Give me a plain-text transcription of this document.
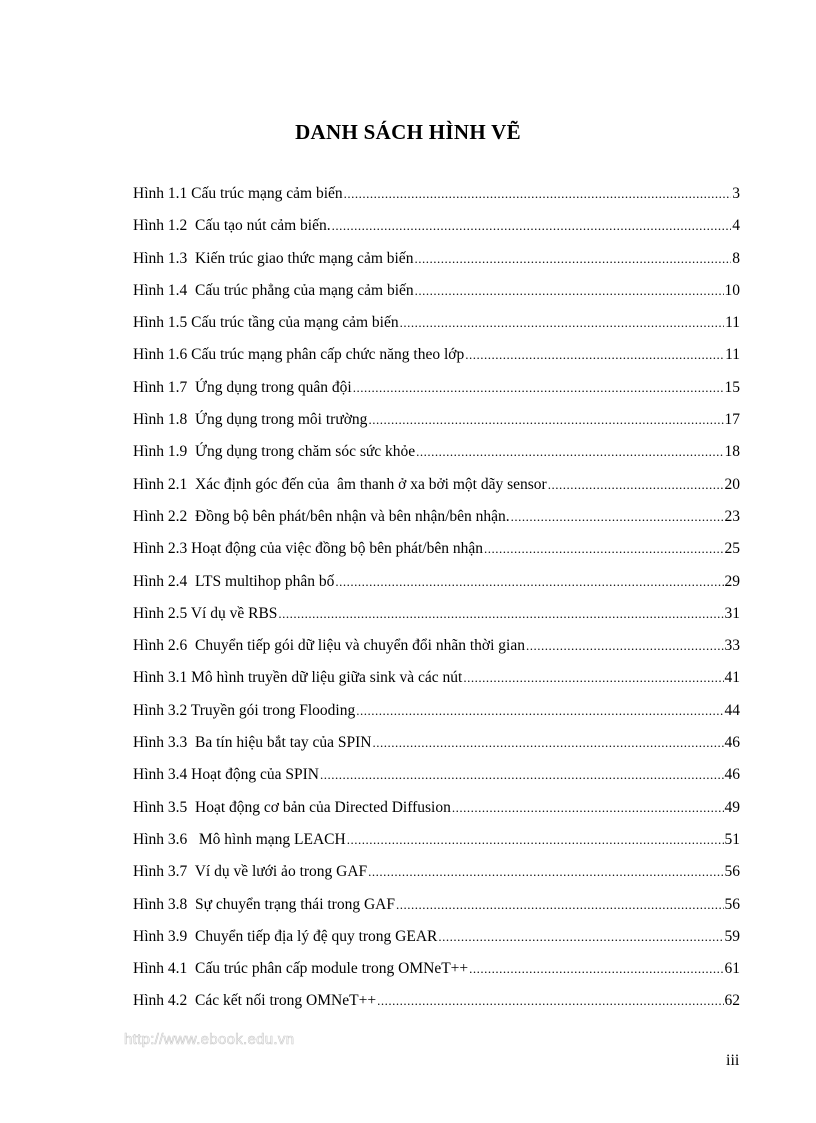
DANH SÁCH HÌNH VẼ
Hình 1.1 Cấu trúc mạng cảm biến .....	3
Hình 1.2  Cấu tạo nút cảm biến. .....	4
Hình 1.3  Kiến trúc giao thức mạng cảm biến .....	8
Hình 1.4  Cấu trúc phẳng của mạng cảm biến .....	10
Hình 1.5 Cấu trúc tầng của mạng cảm biến .....	11
Hình 1.6 Cấu trúc mạng phân cấp chức năng theo lớp .....	11
Hình 1.7  Ứng dụng trong quân đội .....	15
Hình 1.8  Ứng dụng trong môi trường .....	17
Hình 1.9  Ứng dụng trong chăm sóc sức khỏe .....	18
Hình 2.1  Xác định góc đến của  âm thanh ở xa bởi một dãy sensor .....	20
Hình 2.2  Đồng bộ bên phát/bên nhận và bên nhận/bên nhận. .....	23
Hình 2.3 Hoạt động của việc đồng bộ bên phát/bên nhận .....	25
Hình 2.4  LTS multihop phân bố .....	29
Hình 2.5 Ví dụ về RBS .....	31
Hình 2.6  Chuyển tiếp gói dữ liệu và chuyển đổi nhãn thời gian .....	33
Hình 3.1 Mô hình truyền dữ liệu giữa sink và các nút .....	41
Hình 3.2 Truyền gói trong Flooding .....	44
Hình 3.3  Ba tín hiệu bắt tay của SPIN .....	46
Hình 3.4 Hoạt động của SPIN .....	46
Hình 3.5  Hoạt động cơ bản của Directed Diffusion .....	49
Hình 3.6   Mô hình mạng LEACH .....	51
Hình 3.7  Ví dụ về lưới ảo trong GAF .....	56
Hình 3.8  Sự chuyển trạng thái trong GAF .....	56
Hình 3.9  Chuyển tiếp địa lý đệ quy trong GEAR .....	59
Hình 4.1  Cấu trúc phân cấp module trong OMNeT++ .....	61
Hình 4.2  Các kết nối trong OMNeT++ .....	62
http://www.ebook.edu.vn
iii
